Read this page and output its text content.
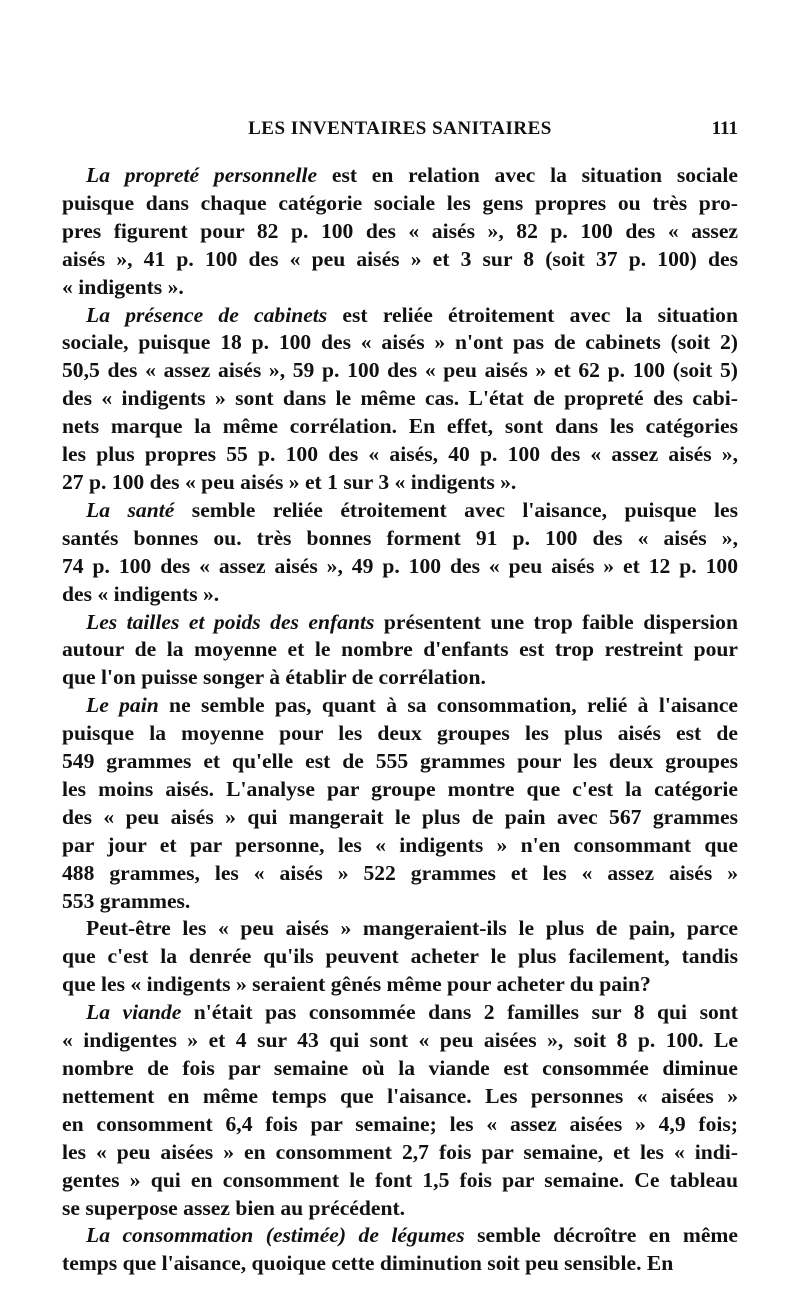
LES INVENTAIRES SANITAIRES	111
La propreté personnelle est en relation avec la situation sociale
puisque dans chaque catégorie sociale les gens propres ou très pro-
pres figurent pour 82 p. 100 des « aisés », 82 p. 100 des « assez
aisés », 41 p. 100 des « peu aisés » et 3 sur 8 (soit 37 p. 100) des
« indigents ».
La présence de cabinets est reliée étroitement avec la situation
sociale, puisque 18 p. 100 des « aisés » n'ont pas de cabinets (soit 2)
50,5 des « assez aisés », 59 p. 100 des « peu aisés » et 62 p. 100 (soit 5)
des « indigents » sont dans le même cas. L'état de propreté des cabi-
nets marque la même corrélation. En effet, sont dans les catégories
les plus propres 55 p. 100 des « aisés, 40 p. 100 des « assez aisés »,
27 p. 100 des « peu aisés » et 1 sur 3 « indigents ».
La santé semble reliée étroitement avec l'aisance, puisque les
santés bonnes ou. très bonnes forment 91 p. 100 des « aisés »,
74 p. 100 des « assez aisés », 49 p. 100 des « peu aisés » et 12 p. 100
des « indigents ».
Les tailles et poids des enfants présentent une trop faible dispersion
autour de la moyenne et le nombre d'enfants est trop restreint pour
que l'on puisse songer à établir de corrélation.
Le pain ne semble pas, quant à sa consommation, relié à l'aisance
puisque la moyenne pour les deux groupes les plus aisés est de
549 grammes et qu'elle est de 555 grammes pour les deux groupes
les moins aisés. L'analyse par groupe montre que c'est la catégorie
des « peu aisés » qui mangerait le plus de pain avec 567 grammes
par jour et par personne, les « indigents » n'en consommant que
488 grammes, les « aisés » 522 grammes et les « assez aisés »
553 grammes.
Peut-être les « peu aisés » mangeraient-ils le plus de pain, parce
que c'est la denrée qu'ils peuvent acheter le plus facilement, tandis
que les « indigents » seraient gênés même pour acheter du pain?
La viande n'était pas consommée dans 2 familles sur 8 qui sont
« indigentes » et 4 sur 43 qui sont « peu aisées », soit 8 p. 100. Le
nombre de fois par semaine où la viande est consommée diminue
nettement en même temps que l'aisance. Les personnes « aisées »
en consomment 6,4 fois par semaine; les « assez aisées » 4,9 fois;
les « peu aisées » en consomment 2,7 fois par semaine, et les « indi-
gentes » qui en consomment le font 1,5 fois par semaine. Ce tableau
se superpose assez bien au précédent.
La consommation (estimée) de légumes semble décroître en même
temps que l'aisance, quoique cette diminution soit peu sensible. En
